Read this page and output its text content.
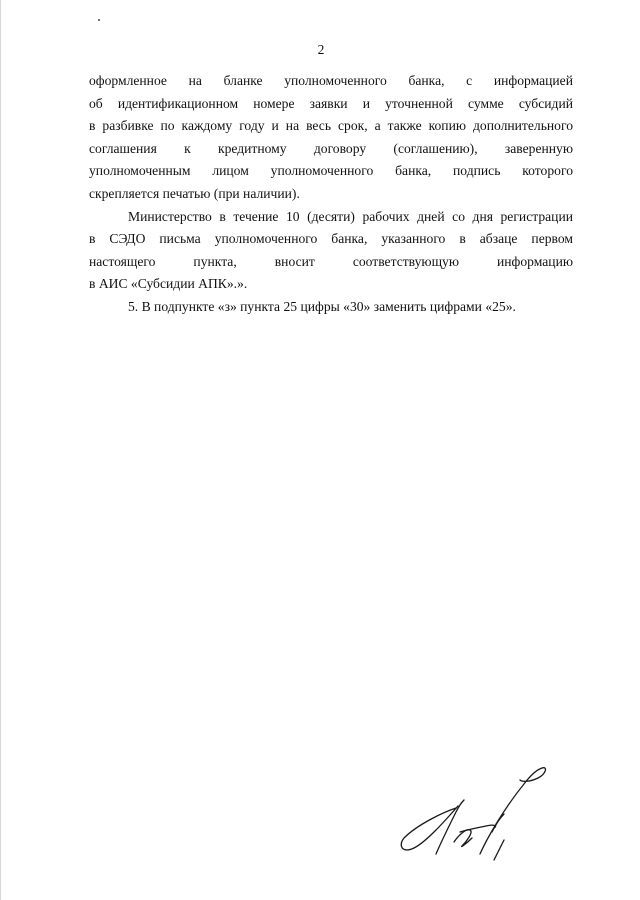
2
оформленное на бланке уполномоченного банка, с информацией
об идентификационном номере заявки и уточненной сумме субсидий
в разбивке по каждому году и на весь срок, а также копию дополнительного
соглашения к кредитному договору (соглашению), заверенную
уполномоченным лицом уполномоченного банка, подпись которого
скрепляется печатью (при наличии).
Министерство в течение 10 (десяти) рабочих дней со дня регистрации
в СЭДО письма уполномоченного банка, указанного в абзаце первом
настоящего пункта, вносит соответствующую информацию
в АИС «Субсидии АПК».».
5. В подпункте «з» пункта 25 цифры «30» заменить цифрами «25».
